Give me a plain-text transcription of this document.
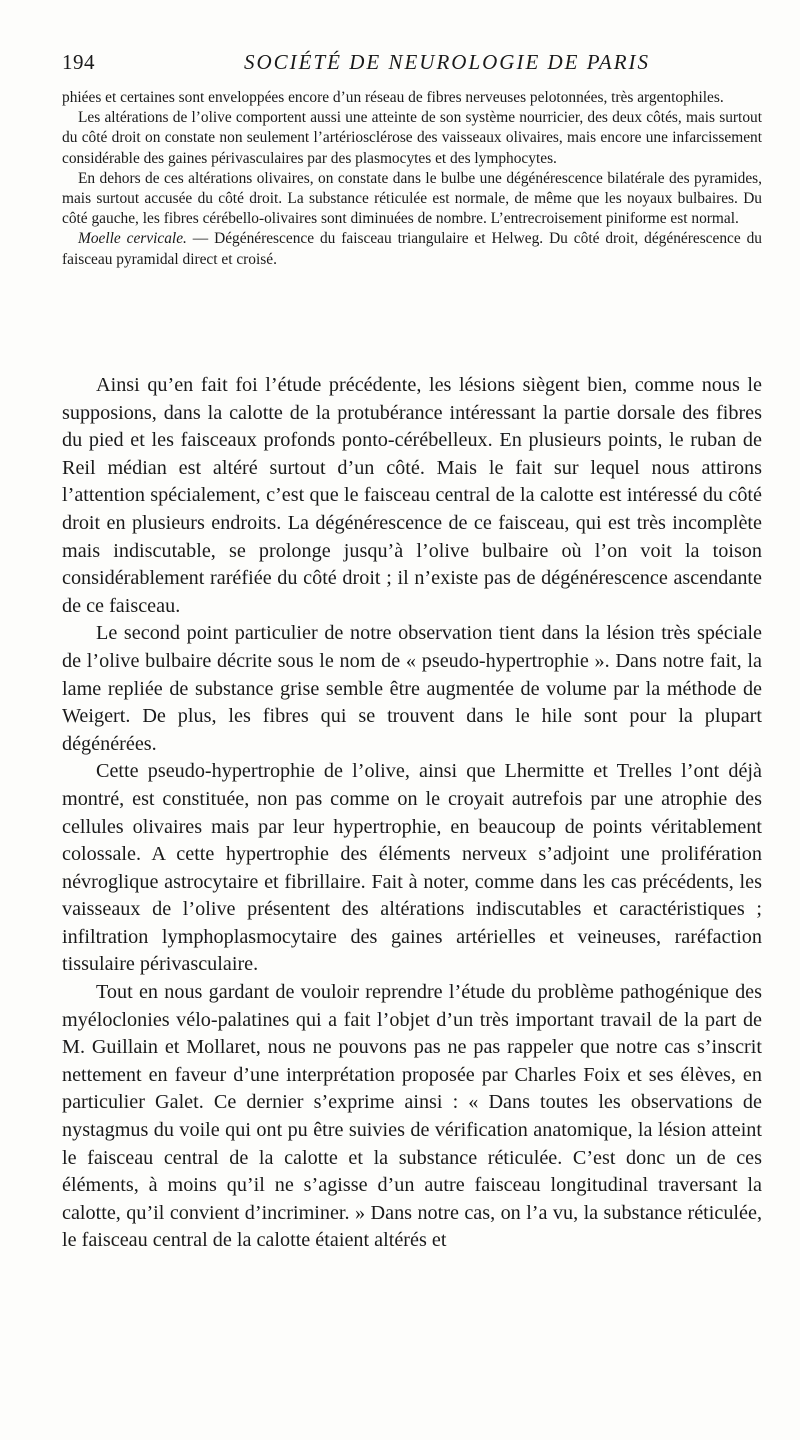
194	SOCIÉTÉ DE NEUROLOGIE DE PARIS

phiées et certaines sont enveloppées encore d’un réseau de fibres nerveuses pelotonnées, très argentophiles.

Les altérations de l’olive comportent aussi une atteinte de son système nourricier, des deux côtés, mais surtout du côté droit on constate non seulement l’artériosclérose des vaisseaux olivaires, mais encore une infarcissement considérable des gaines périvasculaires par des plasmocytes et des lymphocytes.

En dehors de ces altérations olivaires, on constate dans le bulbe une dégénérescence bilatérale des pyramides, mais surtout accusée du côté droit. La substance réticulée est normale, de même que les noyaux bulbaires. Du côté gauche, les fibres cérébello-olivaires sont diminuées de nombre. L’entrecroisement piniforme est normal.

Moelle cervicale. — Dégénérescence du faisceau triangulaire et Helweg. Du côté droit, dégénérescence du faisceau pyramidal direct et croisé.

Ainsi qu’en fait foi l’étude précédente, les lésions siègent bien, comme nous le supposions, dans la calotte de la protubérance intéressant la partie dorsale des fibres du pied et les faisceaux profonds ponto-cérébelleux. En plusieurs points, le ruban de Reil médian est altéré surtout d’un côté. Mais le fait sur lequel nous attirons l’attention spécialement, c’est que le faisceau central de la calotte est intéressé du côté droit en plusieurs endroits. La dégénérescence de ce faisceau, qui est très incomplète mais indiscutable, se prolonge jusqu’à l’olive bulbaire où l’on voit la toison considérablement raréfiée du côté droit ; il n’existe pas de dégénérescence ascendante de ce faisceau.

Le second point particulier de notre observation tient dans la lésion très spéciale de l’olive bulbaire décrite sous le nom de « pseudo-hypertrophie ». Dans notre fait, la lame repliée de substance grise semble être augmentée de volume par la méthode de Weigert. De plus, les fibres qui se trouvent dans le hile sont pour la plupart dégénérées.

Cette pseudo-hypertrophie de l’olive, ainsi que Lhermitte et Trelles l’ont déjà montré, est constituée, non pas comme on le croyait autrefois par une atrophie des cellules olivaires mais par leur hypertrophie, en beaucoup de points véritablement colossale. A cette hypertrophie des éléments nerveux s’adjoint une prolifération névroglique astrocytaire et fibrillaire. Fait à noter, comme dans les cas précédents, les vaisseaux de l’olive présentent des altérations indiscutables et caractéristiques ; infiltration lymphoplasmocytaire des gaines artérielles et veineuses, raréfaction tissulaire périvasculaire.

Tout en nous gardant de vouloir reprendre l’étude du problème pathogénique des myéloclonies vélo-palatines qui a fait l’objet d’un très important travail de la part de M. Guillain et Mollaret, nous ne pouvons pas ne pas rappeler que notre cas s’inscrit nettement en faveur d’une interprétation proposée par Charles Foix et ses élèves, en particulier Galet. Ce dernier s’exprime ainsi : « Dans toutes les observations de nystagmus du voile qui ont pu être suivies de vérification anatomique, la lésion atteint le faisceau central de la calotte et la substance réticulée. C’est donc un de ces éléments, à moins qu’il ne s’agisse d’un autre faisceau longitudinal traversant la calotte, qu’il convient d’incriminer. » Dans notre cas, on l’a vu, la substance réticulée, le faisceau central de la calotte étaient altérés et
